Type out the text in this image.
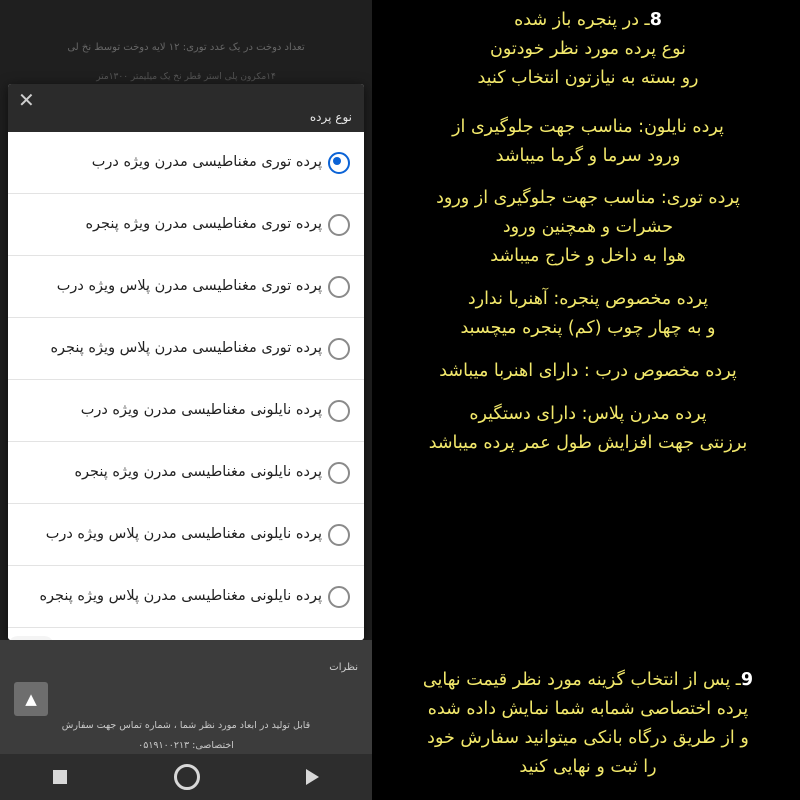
تعداد دوخت در یک عدد توری: ۱۲ لایه دوخت توسط نخ لی
۱۴مکرون پلی استر قطر نخ یک میلیمتر ۱۳۰۰متر
✕
نوع پرده
پرده توری مغناطیسی مدرن ویژه درب
پرده توری مغناطیسی مدرن ویژه پنجره
پرده توری مغناطیسی مدرن پلاس ویژه درب
پرده توری مغناطیسی مدرن پلاس ویژه پنجره
پرده نایلونی مغناطیسی مدرن ویژه درب
پرده نایلونی مغناطیسی مدرن ویژه پنجره
پرده نایلونی مغناطیسی مدرن پلاس ویژه درب
پرده نایلونی مغناطیسی مدرن پلاس ویژه پنجره
نظرات
▲
قابل تولید در ابعاد مورد نظر شما ، شماره تماس جهت سفارش
اختصاصی: ۰۵۱۹۱۰۰۲۱۳
8ـ در پنجره باز شده
نوع پرده مورد نظر خودتون
رو بسته به نیازتون انتخاب کنید
پرده نایلون: مناسب جهت جلوگیری از
ورود سرما و گرما میباشد
پرده توری: مناسب جهت جلوگیری از ورود
حشرات و همچنین ورود
هوا به داخل و خارج میباشد
پرده مخصوص پنجره: آهنربا ندارد
و به چهار چوب (کم) پنجره میچسبد
پرده مخصوص درب : دارای اهنربا میباشد
پرده مدرن پلاس: دارای دستگیره
برزنتی جهت افزایش طول عمر پرده میباشد
9ـ پس از انتخاب گزینه مورد نظر قیمت نهایی
پرده اختصاصی شمابه شما نمایش داده شده
و از طریق درگاه بانکی میتوانید سفارش خود
را ثبت و نهایی کنید
